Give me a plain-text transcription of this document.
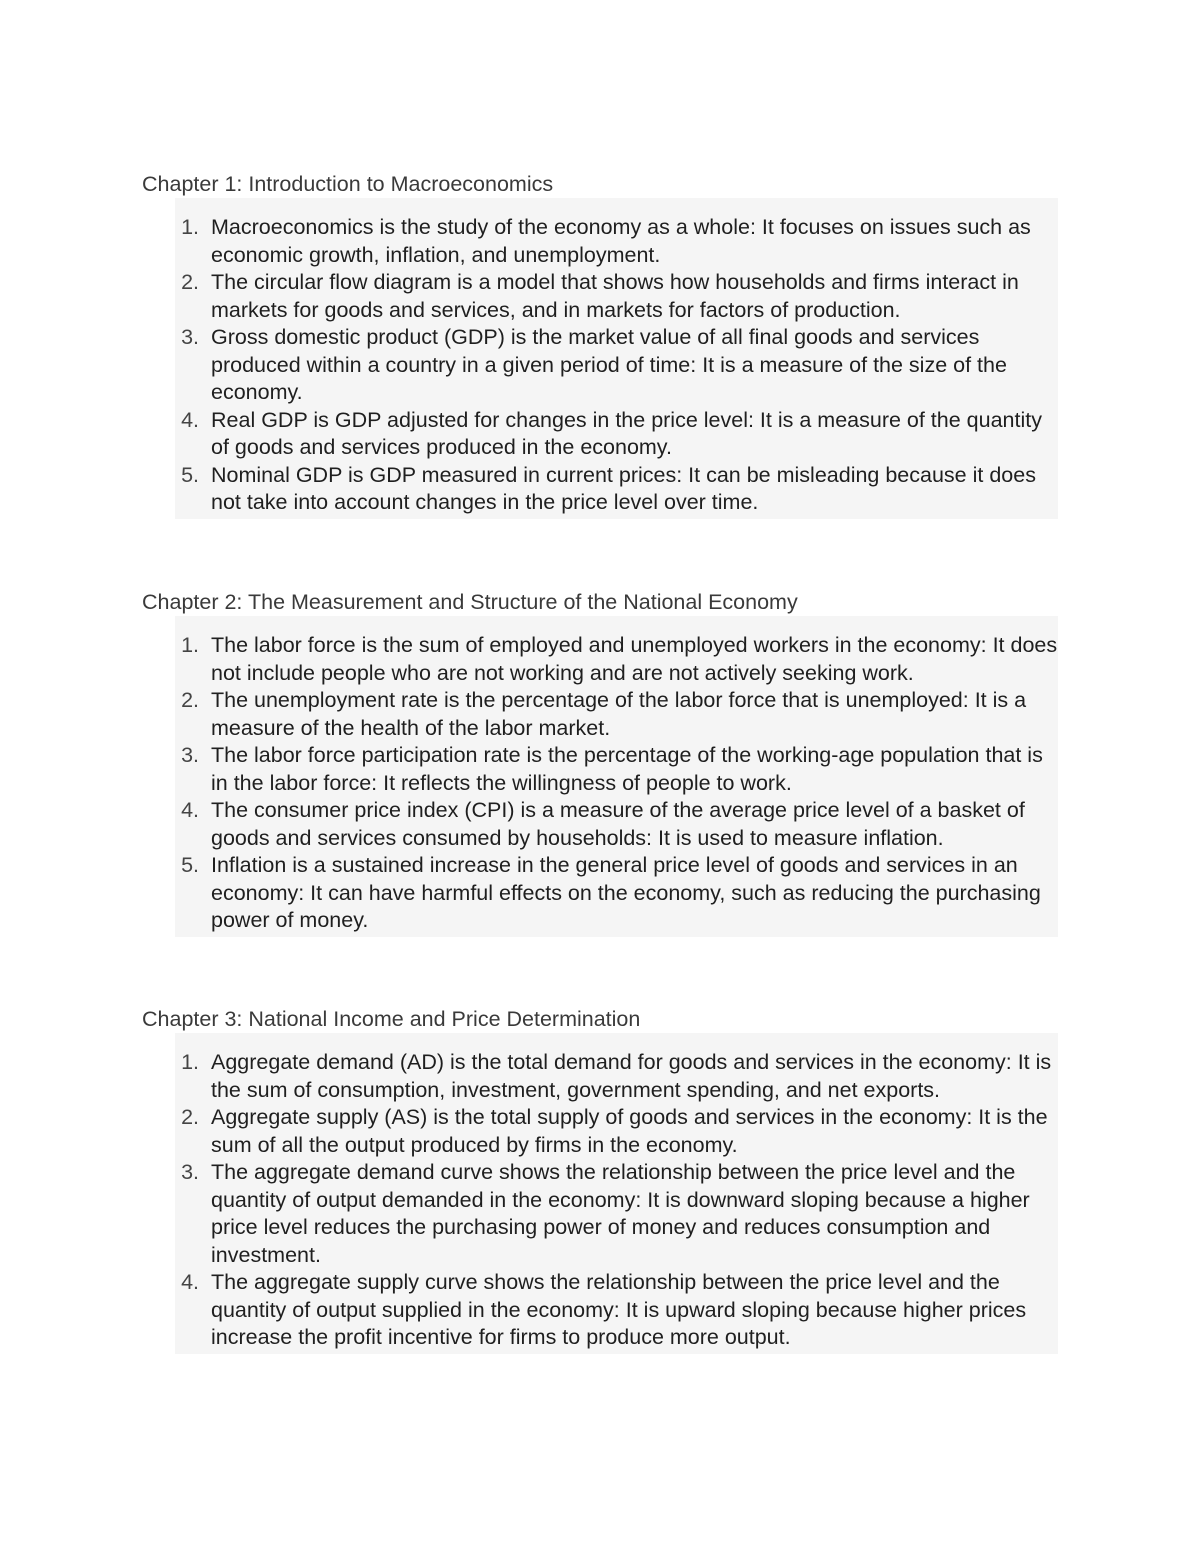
Chapter 1: Introduction to Macroeconomics
1. Macroeconomics is the study of the economy as a whole: It focuses on issues such as economic growth, inflation, and unemployment.
2. The circular flow diagram is a model that shows how households and firms interact in markets for goods and services, and in markets for factors of production.
3. Gross domestic product (GDP) is the market value of all final goods and services produced within a country in a given period of time: It is a measure of the size of the economy.
4. Real GDP is GDP adjusted for changes in the price level: It is a measure of the quantity of goods and services produced in the economy.
5. Nominal GDP is GDP measured in current prices: It can be misleading because it does not take into account changes in the price level over time.
Chapter 2: The Measurement and Structure of the National Economy
1. The labor force is the sum of employed and unemployed workers in the economy: It does not include people who are not working and are not actively seeking work.
2. The unemployment rate is the percentage of the labor force that is unemployed: It is a measure of the health of the labor market.
3. The labor force participation rate is the percentage of the working-age population that is in the labor force: It reflects the willingness of people to work.
4. The consumer price index (CPI) is a measure of the average price level of a basket of goods and services consumed by households: It is used to measure inflation.
5. Inflation is a sustained increase in the general price level of goods and services in an economy: It can have harmful effects on the economy, such as reducing the purchasing power of money.
Chapter 3: National Income and Price Determination
1. Aggregate demand (AD) is the total demand for goods and services in the economy: It is the sum of consumption, investment, government spending, and net exports.
2. Aggregate supply (AS) is the total supply of goods and services in the economy: It is the sum of all the output produced by firms in the economy.
3. The aggregate demand curve shows the relationship between the price level and the quantity of output demanded in the economy: It is downward sloping because a higher price level reduces the purchasing power of money and reduces consumption and investment.
4. The aggregate supply curve shows the relationship between the price level and the quantity of output supplied in the economy: It is upward sloping because higher prices increase the profit incentive for firms to produce more output.
